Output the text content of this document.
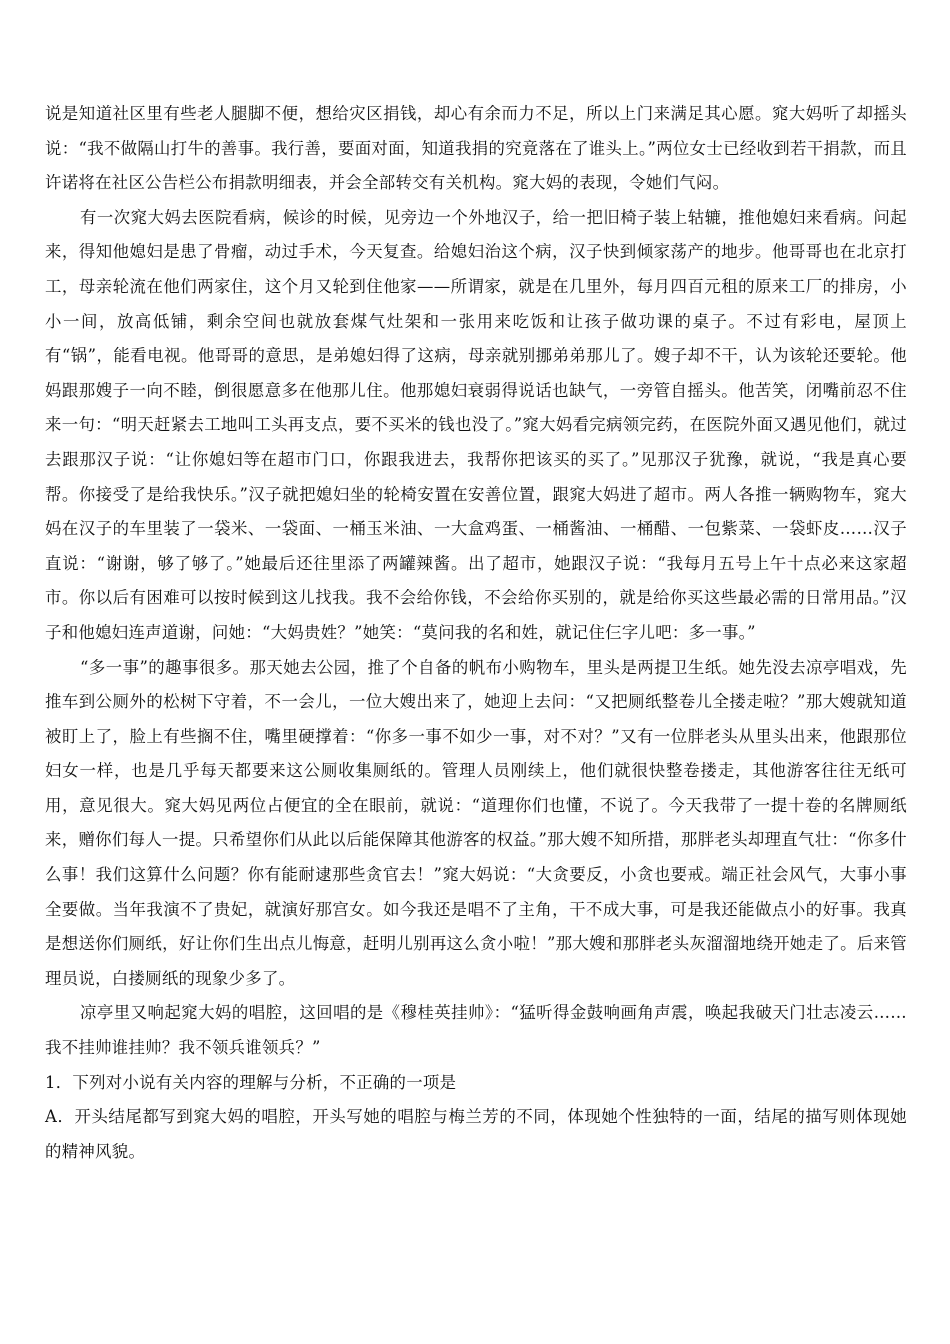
说是知道社区里有些老人腿脚不便，想给灾区捐钱，却心有余而力不足，所以上门来满足其心愿。窕大妈听了却摇头说：“我不做隔山打牛的善事。我行善，要面对面，知道我捐的究竟落在了谁头上。”两位女士已经收到若干捐款，而且许诺将在社区公告栏公布捐款明细表，并会全部转交有关机构。窕大妈的表现，令她们气闷。

有一次窕大妈去医院看病，候诊的时候，见旁边一个外地汉子，给一把旧椅子装上轱辘，推他媳妇来看病。问起来，得知他媳妇是患了骨瘤，动过手术，今天复查。给媳妇治这个病，汉子快到倾家荡产的地步。他哥哥也在北京打工，母亲轮流在他们两家住，这个月又轮到住他家——所谓家，就是在几里外，每月四百元租的原来工厂的排房，小小一间，放高低铺，剩余空间也就放套煤气灶架和一张用来吃饭和让孩子做功课的桌子。不过有彩电，屋顶上有“锅”，能看电视。他哥哥的意思，是弟媳妇得了这病，母亲就别挪弟弟那儿了。嫂子却不干，认为该轮还要轮。他妈跟那嫂子一向不睦，倒很愿意多在他那儿住。他那媳妇衰弱得说话也缺气，一旁管自摇头。他苦笑，闭嘴前忍不住来一句：“明天赶紧去工地叫工头再支点，要不买米的钱也没了。”窕大妈看完病领完药，在医院外面又遇见他们，就过去跟那汉子说：“让你媳妇等在超市门口，你跟我进去，我帮你把该买的买了。”见那汉子犹豫，就说，“我是真心要帮。你接受了是给我快乐。”汉子就把媳妇坐的轮椅安置在安善位置，跟窕大妈进了超市。两人各推一辆购物车，窕大妈在汉子的车里装了一袋米、一袋面、一桶玉米油、一大盒鸡蛋、一桶酱油、一桶醋、一包紫菜、一袋虾皮……汉子直说：“谢谢，够了够了。”她最后还往里添了两罐辣酱。出了超市，她跟汉子说：“我每月五号上午十点必来这家超市。你以后有困难可以按时候到这儿找我。我不会给你钱，不会给你买别的，就是给你买这些最必需的日常用品。”汉子和他媳妇连声道谢，问她：“大妈贵姓？”她笑：“莫问我的名和姓，就记住仨字儿吧：多一事。”

“多一事”的趣事很多。那天她去公园，推了个自备的帆布小购物车，里头是两提卫生纸。她先没去凉亭唱戏，先推车到公厕外的松树下守着，不一会儿，一位大嫂出来了，她迎上去问：“又把厕纸整卷儿全搂走啦？”那大嫂就知道被盯上了，脸上有些搁不住，嘴里硬撑着：“你多一事不如少一事，对不对？”又有一位胖老头从里头出来，他跟那位妇女一样，也是几乎每天都要来这公厕收集厕纸的。管理人员刚续上，他们就很快整卷搂走，其他游客往往无纸可用，意见很大。窕大妈见两位占便宜的全在眼前，就说：“道理你们也懂，不说了。今天我带了一提十卷的名牌厕纸来，赠你们每人一提。只希望你们从此以后能保障其他游客的权益。”那大嫂不知所措，那胖老头却理直气壮：“你多什么事！我们这算什么问题？你有能耐逮那些贪官去！”窕大妈说：“大贪要反，小贪也要戒。端正社会风气，大事小事全要做。当年我演不了贵妃，就演好那宫女。如今我还是唱不了主角，干不成大事，可是我还能做点小的好事。我真是想送你们厕纸，好让你们生出点儿悔意，赶明儿别再这么贪小啦！”那大嫂和那胖老头灰溜溜地绕开她走了。后来管理员说，白搂厕纸的现象少多了。

凉亭里又响起窕大妈的唱腔，这回唱的是《穆桂英挂帅》：“猛听得金鼓响画角声震，唤起我破天门壮志凌云……我不挂帅谁挂帅？我不领兵谁领兵？”

1．下列对小说有关内容的理解与分析，不正确的一项是

A．开头结尾都写到窕大妈的唱腔，开头写她的唱腔与梅兰芳的不同，体现她个性独特的一面，结尾的描写则体现她的精神风貌。
